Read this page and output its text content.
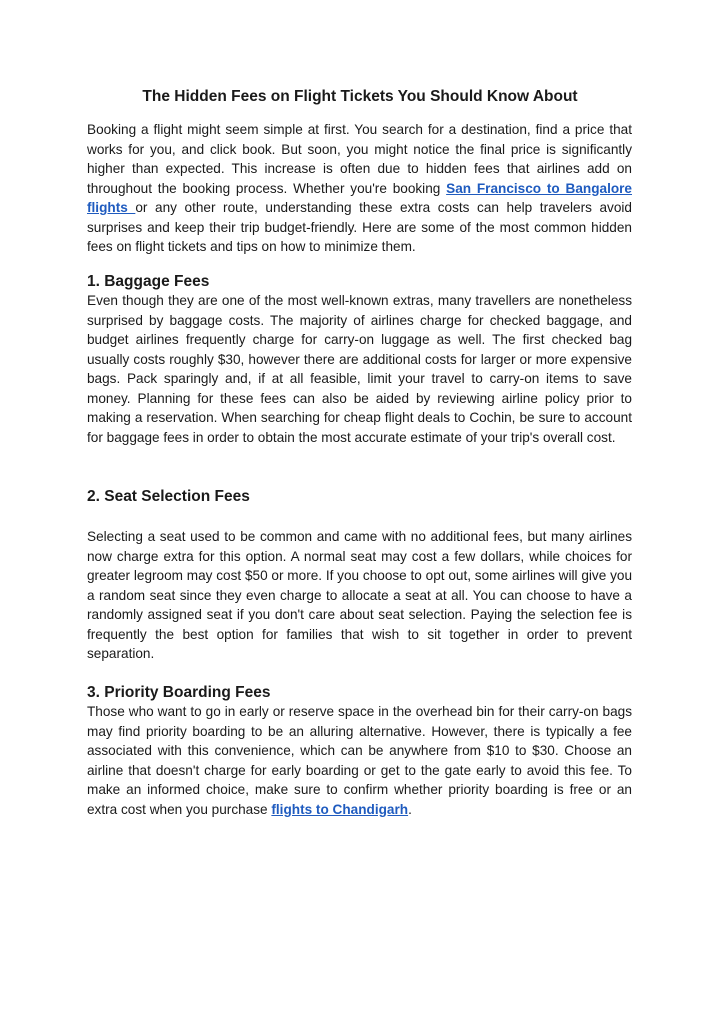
The Hidden Fees on Flight Tickets You Should Know About

Booking a flight might seem simple at first. You search for a destination, find a price that works for you, and click book. But soon, you might notice the final price is significantly higher than expected. This increase is often due to hidden fees that airlines add on throughout the booking process. Whether you're booking San Francisco to Bangalore flights or any other route, understanding these extra costs can help travelers avoid surprises and keep their trip budget-friendly. Here are some of the most common hidden fees on flight tickets and tips on how to minimize them.

1. Baggage Fees

Even though they are one of the most well-known extras, many travellers are nonetheless surprised by baggage costs. The majority of airlines charge for checked baggage, and budget airlines frequently charge for carry-on luggage as well. The first checked bag usually costs roughly $30, however there are additional costs for larger or more expensive bags. Pack sparingly and, if at all feasible, limit your travel to carry-on items to save money. Planning for these fees can also be aided by reviewing airline policy prior to making a reservation. When searching for cheap flight deals to Cochin, be sure to account for baggage fees in order to obtain the most accurate estimate of your trip's overall cost.

2. Seat Selection Fees

Selecting a seat used to be common and came with no additional fees, but many airlines now charge extra for this option. A normal seat may cost a few dollars, while choices for greater legroom may cost $50 or more. If you choose to opt out, some airlines will give you a random seat since they even charge to allocate a seat at all. You can choose to have a randomly assigned seat if you don't care about seat selection. Paying the selection fee is frequently the best option for families that wish to sit together in order to prevent separation.

3. Priority Boarding Fees

Those who want to go in early or reserve space in the overhead bin for their carry-on bags may find priority boarding to be an alluring alternative. However, there is typically a fee associated with this convenience, which can be anywhere from $10 to $30. Choose an airline that doesn't charge for early boarding or get to the gate early to avoid this fee. To make an informed choice, make sure to confirm whether priority boarding is free or an extra cost when you purchase flights to Chandigarh.
